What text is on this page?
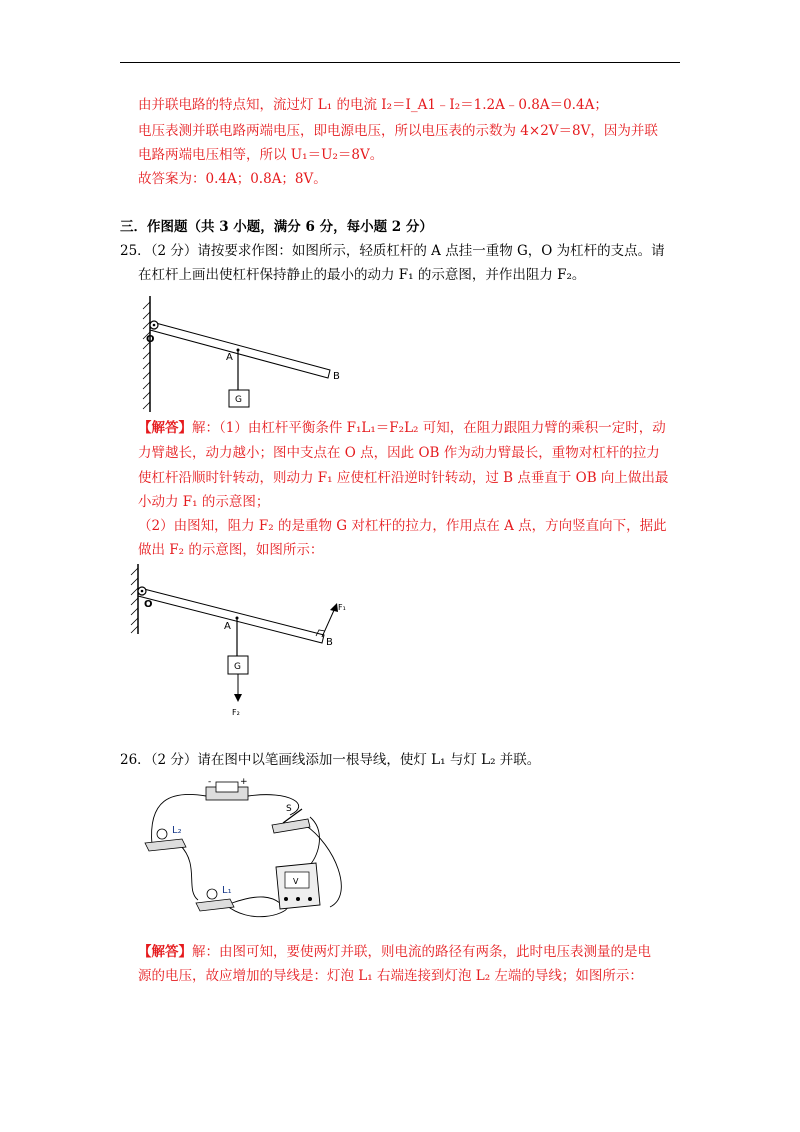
由并联电路的特点知，流过灯 L₁ 的电流 I₂＝I_A1﹣I₂＝1.2A﹣0.8A＝0.4A；
电压表测并联电路两端电压，即电源电压，所以电压表的示数为 4×2V＝8V，因为并联
电路两端电压相等，所以 U₁＝U₂＝8V。
故答案为：0.4A；0.8A；8V。
三．作图题（共 3 小题，满分 6 分，每小题 2 分）
25．
（2 分）请按要求作图：如图所示，轻质杠杆的 A 点挂一重物 G，O 为杠杆的支点。请
在杠杆上画出使杠杆保持静止的最小的动力 F₁ 的示意图，并作出阻力 F₂。
O
A
B
G
【解答】解：（1）由杠杆平衡条件 F₁L₁＝F₂L₂ 可知，在阻力跟阻力臂的乘积一定时，动
力臂越长，动力越小；图中支点在 O 点，因此 OB 作为动力臂最长，重物对杠杆的拉力
使杠杆沿顺时针转动，则动力 F₁ 应使杠杆沿逆时针转动，过 B 点垂直于 OB 向上做出最
小动力 F₁ 的示意图；
（2）由图知，阻力 F₂ 的是重物 G 对杠杆的拉力，作用点在 A 点，方向竖直向下，据此
做出 F₂ 的示意图，如图所示：
O
A
B
G
F₁
F₂
26．
（2 分）请在图中以笔画线添加一根导线，使灯 L₁ 与灯 L₂ 并联。
-	+
S
L₂
L₁
V
【解答】解：由图可知，要使两灯并联，则电流的路径有两条，此时电压表测量的是电
源的电压，故应增加的导线是：灯泡 L₁ 右端连接到灯泡 L₂ 左端的导线；如图所示：
